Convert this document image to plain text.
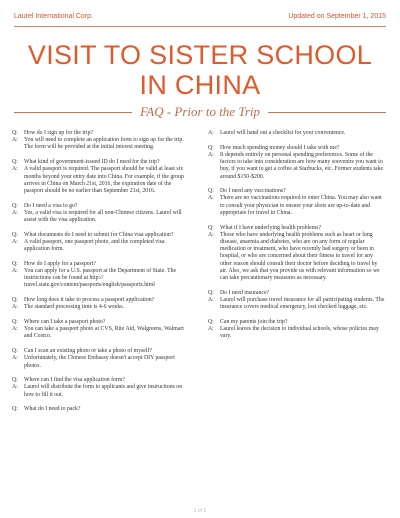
Laurel International Corp.	Updated on September 1, 2015
VISIT TO SISTER SCHOOL
IN CHINA
FAQ - Prior to the Trip
Q:	How do I sign up for the trip?
A:	You will need to complete an application form to sign up for the trip. The form will be provided at the initial interest meeting.
Q:	What kind of government-issued ID do I need for the trip?
A:	A valid passport is required. The passport should be valid at least six months beyond your entry date into China. For example, if the group arrives in China on March 21st, 2016, the expiration date of the passport should be no earlier than September 21st, 2016.
Q:	Do I need a visa to go?
A:	Yes, a valid visa is required for all non-Chinese citizens. Laurel will assist with the visa application.
Q:	What documents do I need to submit for China visa application?
A:	A valid passport, one passport photo, and the completed visa application form.
Q:	How do I apply for a passport?
A:	You can apply for a U.S. passport at the Department of State. The instructions can be found at http:// travel.state.gov/content/passports/english/passports.html
Q:	How long does it take to process a passport application?
A:	The standard processing time is 4-6 weeks.
Q:	Where can I take a passport photo?
A:	You can take a passport photo at CVS, Rite Aid, Walgreens, Walmart and Costco.
Q:	Can I scan an existing photo or take a photo of myself?
A:	Unfortunately, the Chinese Embassy doesn't accept DIY passport photos.
Q:	Where can I find the visa application form?
A:	Laurel will distribute the form to applicants and give instructions on how to fill it out.
Q:	What do I need to pack?
A:	Laurel will hand out a checklist for your convenience.
Q:	How much spending money should I take with me?
A:	It depends entirely on personal spending preferences. Some of the factors to take into consideration are how many souvenirs you want to buy, if you want to get a coffee at Starbucks, etc. Former students take around $150-$200.
Q:	Do I need any vaccinations?
A:	There are no vaccinations required to enter China. You may also want to consult your physician to ensure your shots are up-to-date and appropriate for travel in China.
Q:	What if I have underlying health problems?
A:	Those who have underlying health problems such as heart or lung disease, anaemia and diabetes, who are on any form of regular medication or treatment, who have recently had surgery or been in hospital, or who are concerned about their fitness to travel for any other reason should consult their doctor before deciding to travel by air. Also, we ask that you provide us with relevant information so we can take precautionary measures as necessary.
Q:	Do I need insurance?
A:	Laurel will purchase travel insurance for all participating students. The insurance covers medical emergency, lost checked luggage, etc.
Q:	Can my parents join the trip?
A:	Laurel leaves the decision to individual schools, whose policies may vary.
1 of 2
